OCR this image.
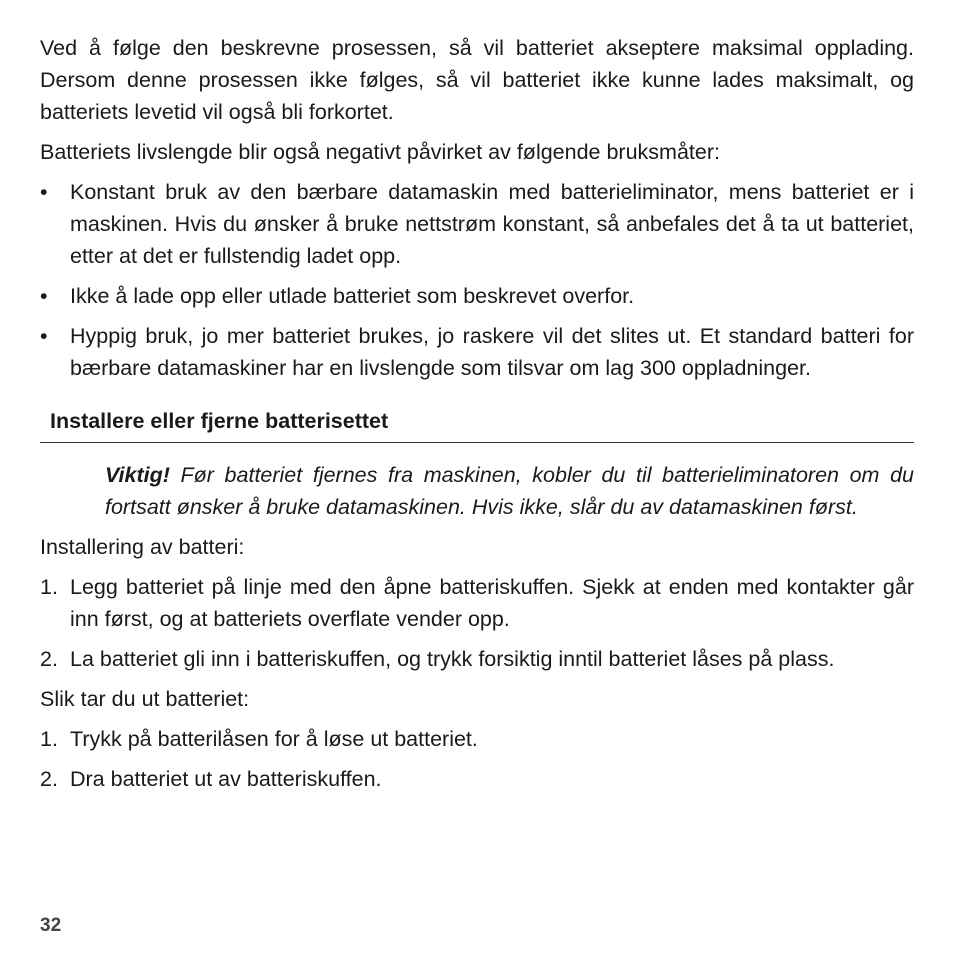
Ved å følge den beskrevne prosessen, så vil batteriet akseptere maksimal opplading. Dersom denne prosessen ikke følges, så vil batteriet ikke kunne lades maksimalt, og batteriets levetid vil også bli forkortet.

Batteriets livslengde blir også negativt påvirket av følgende bruksmåter:

• Konstant bruk av den bærbare datamaskin med batterieliminator, mens batteriet er i maskinen. Hvis du ønsker å bruke nettstrøm konstant, så anbefales det å ta ut batteriet, etter at det er fullstendig ladet opp.
• Ikke å lade opp eller utlade batteriet som beskrevet overfor.
• Hyppig bruk, jo mer batteriet brukes, jo raskere vil det slites ut. Et standard batteri for bærbare datamaskiner har en livslengde som tilsvar om lag 300 oppladninger.
Installere eller fjerne batterisettet
Viktig! Før batteriet fjernes fra maskinen, kobler du til batterieliminatoren om du fortsatt ønsker å bruke datamaskinen. Hvis ikke, slår du av datamaskinen først.

Installering av batteri:

1. Legg batteriet på linje med den åpne batteriskuffen. Sjekk at enden med kontakter går inn først, og at batteriets overflate vender opp.
2. La batteriet gli inn i batteriskuffen, og trykk forsiktig inntil batteriet låses på plass.

Slik tar du ut batteriet:

1. Trykk på batterilåsen for å løse ut batteriet.
2. Dra batteriet ut av batteriskuffen.
32
